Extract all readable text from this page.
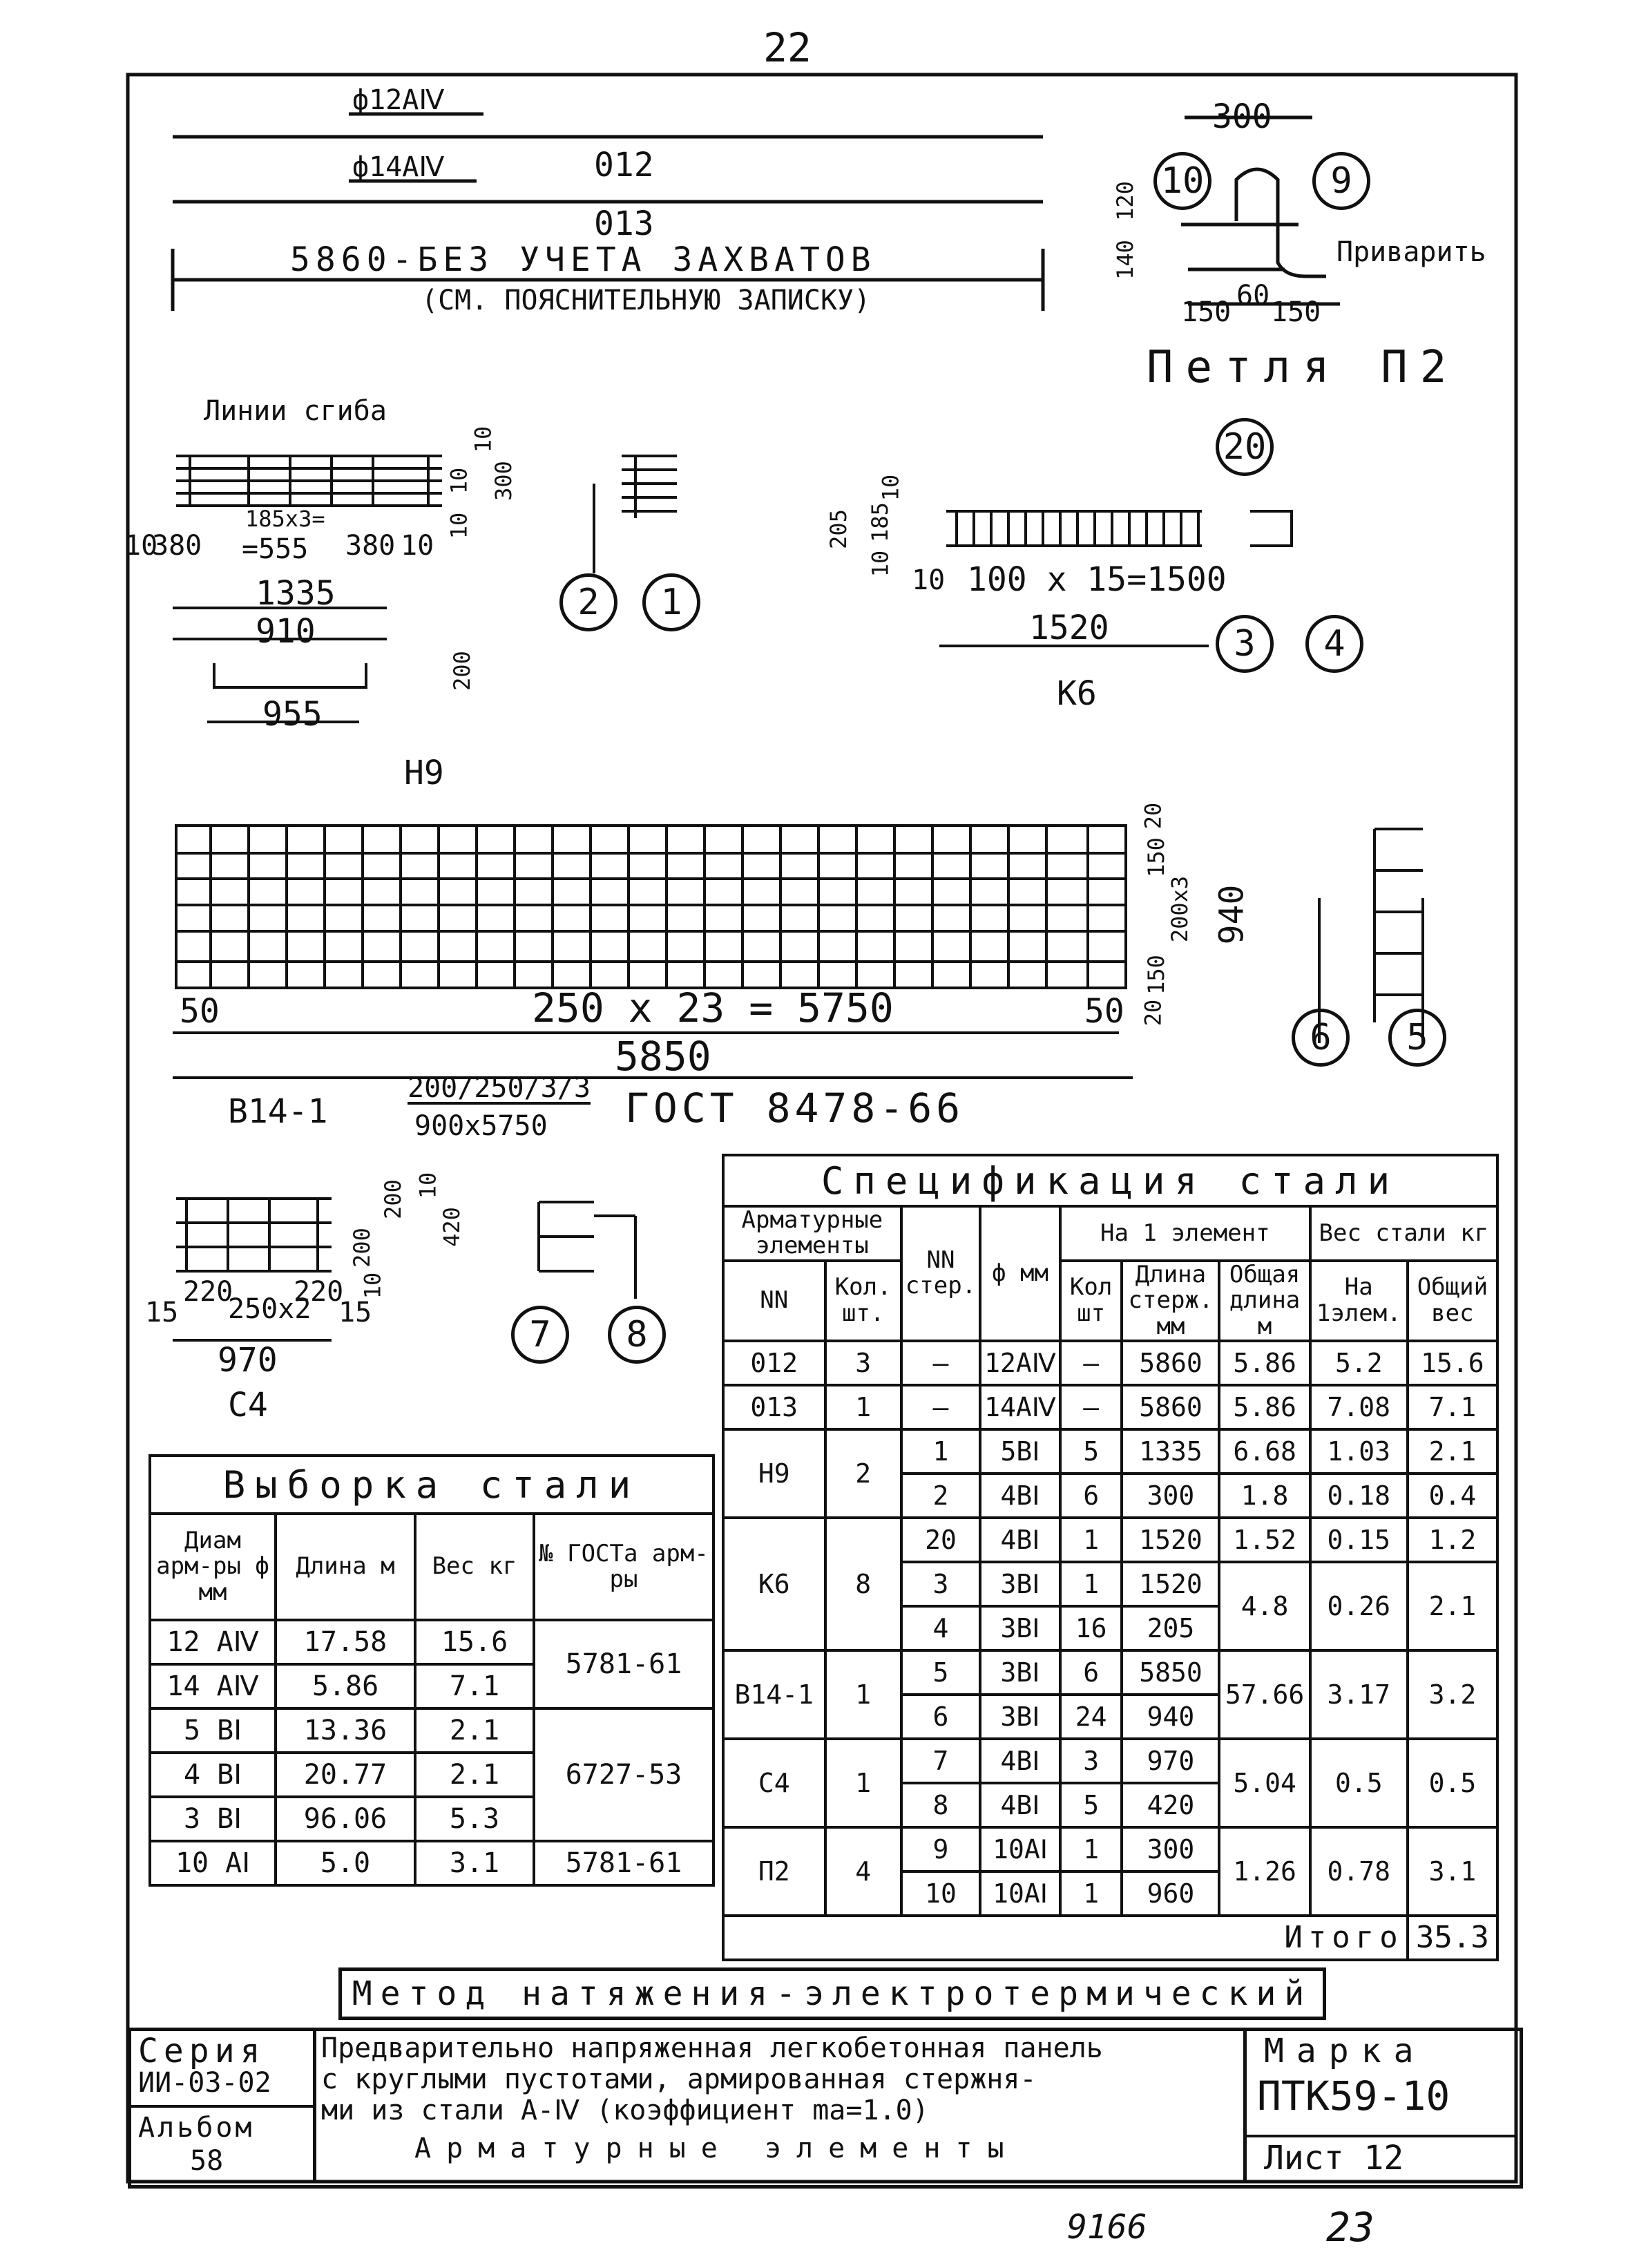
22
ф12АⅣ
ф14АⅣ	012
013
5860-БЕЗ УЧЕТА ЗАХВАТОВ
(СМ. ПОЯСНИТЕЛЬНУЮ ЗАПИСКУ)
300
120
140
10	9
Приварить
150
60
150
Петля П2
Линии сгиба
10
380
185х3=
=555 380 10
1335
910
955
10
300
10
10
200
Н9
2	1
205 185
10
10
10 100 х 15=1500
1520
К6
20
3	4
50	250 х 23 = 5750	50
5850
20
150
200х3 940
150
20
В14-1
200/250/3/3
900х5750 ГОСТ 8478-66
6	5
220
250х2
220
15	15
970
С4
200 10
420
10
200
7	8
Выборка стали			
Диам арм-ры ф мм	Длина м	Вес кг	№ ГОСТа арм-ры
12 АⅣ	17.58	15.6	5781-61
14 АⅣ	5.86	7.1	
5 ВⅠ	13.36	2.1	6727-53
4 ВⅠ	20.77	2.1	
3 ВⅠ	96.06	5.3	
10 АⅠ	5.0	3.1	5781-61
Спецификация стали								
Арматурные элементы		NN стер.	ф мм	На 1 элемент			Вес стали кг	
NN	Кол. шт.			Кол шт	Длина стерж. мм	Общая длина м	На 1элем.	Общий вес
012	3	—	12АⅣ	—	5860	5.86	5.2	15.6
013	1	—	14АⅣ	—	5860	5.86	7.08	7.1
Н9	2	1	5ВⅠ	5	1335	6.68	1.03	2.1
		2	4ВⅠ	6	300	1.8	0.18	0.4
К6	8	20	4ВⅠ	1	1520	1.52	0.15	1.2
		3	3ВⅠ	1	1520	4.8	0.26	2.1
		4	3ВⅠ	16	205			
В14-1	1	5	3ВⅠ	6	5850	57.66	3.17	3.2
		6	3ВⅠ	24	940			
С4	1	7	4ВⅠ	3	970	5.04	0.5	0.5
		8	4ВⅠ	5	420			
П2	4	9	10АⅠ	1	300	1.26	0.78	3.1
		10	10АⅠ	1	960			
Итого								35.3
Метод натяжения-электротермический
Серия
ИИ-03-02
Альбом
58
Предварительно напряженная легкобетонная панель
с круглыми пустотами, армированная стержня-
ми из стали А-Ⅳ (коэффициент mа=1.0)
Арматурные элементы
Марка
ПТК59-10
Лист 12
9166	23
